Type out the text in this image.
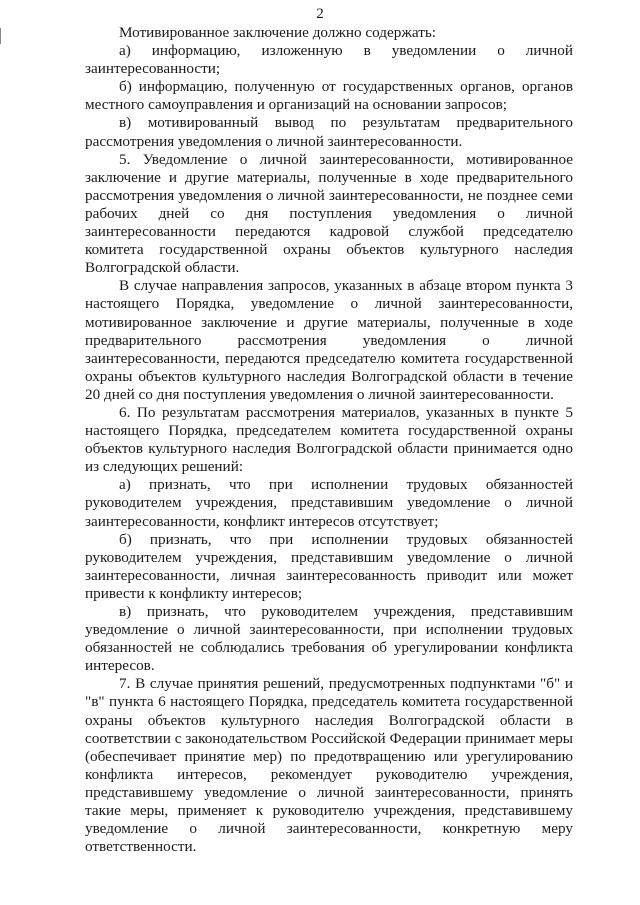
2

Мотивированное заключение должно содержать:

а) информацию, изложенную в уведомлении о личной заинтересованности;

б) информацию, полученную от государственных органов, органов местного самоуправления и организаций на основании запросов;

в) мотивированный вывод по результатам предварительного рассмотрения уведомления о личной заинтересованности.

5. Уведомление о личной заинтересованности, мотивированное заключение и другие материалы, полученные в ходе предварительного рассмотрения уведомления о личной заинтересованности, не позднее семи рабочих дней со дня поступления уведомления о личной заинтересованности передаются кадровой службой председателю комитета государственной охраны объектов культурного наследия Волгоградской области.

В случае направления запросов, указанных в абзаце втором пункта 3 настоящего Порядка, уведомление о личной заинтересованности, мотивированное заключение и другие материалы, полученные в ходе предварительного рассмотрения уведомления о личной заинтересованности, передаются председателю комитета государственной охраны объектов культурного наследия Волгоградской области в течение 20 дней со дня поступления уведомления о личной заинтересованности.

6. По результатам рассмотрения материалов, указанных в пункте 5 настоящего Порядка, председателем комитета государственной охраны объектов культурного наследия Волгоградской области принимается одно из следующих решений:

а) признать, что при исполнении трудовых обязанностей руководителем учреждения, представившим уведомление о личной заинтересованности, конфликт интересов отсутствует;

б) признать, что при исполнении трудовых обязанностей руководителем учреждения, представившим уведомление о личной заинтересованности, личная заинтересованность приводит или может привести к конфликту интересов;

в) признать, что руководителем учреждения, представившим уведомление о личной заинтересованности, при исполнении трудовых обязанностей не соблюдались требования об урегулировании конфликта интересов.

7. В случае принятия решений, предусмотренных подпунктами "б" и "в" пункта 6 настоящего Порядка, председатель комитета государственной охраны объектов культурного наследия Волгоградской области в соответствии с законодательством Российской Федерации принимает меры (обеспечивает принятие мер) по предотвращению или урегулированию конфликта интересов, рекомендует руководителю учреждения, представившему уведомление о личной заинтересованности, принять такие меры, применяет к руководителю учреждения, представившему уведомление о личной заинтересованности, конкретную меру ответственности.
